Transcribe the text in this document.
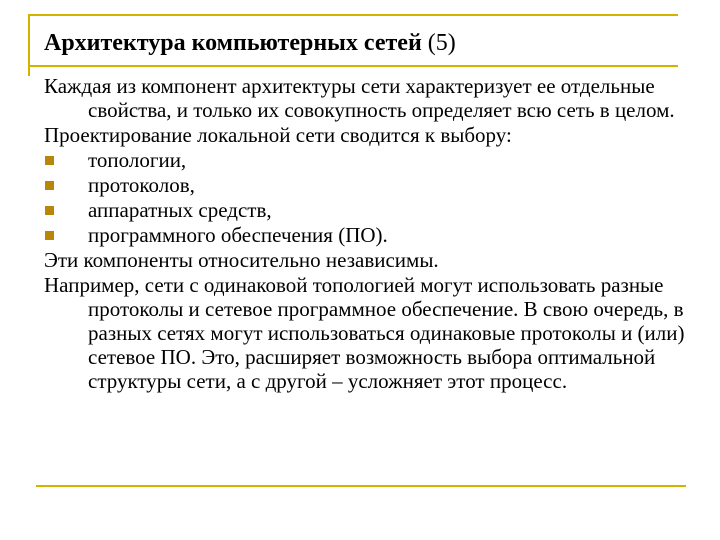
Архитектура компьютерных сетей (5)

Каждая из компонент архитектуры сети характеризует ее отдельные свойства, и только их совокупность определяет всю сеть в целом.

Проектирование локальной сети сводится к выбору:

топологии,
протоколов,
аппаратных средств,
программного обеспечения (ПО).

Эти компоненты относительно независимы.

Например, сети с одинаковой топологией могут использовать разные протоколы и сетевое программное обеспечение. В свою очередь, в разных сетях могут использоваться одинаковые протоколы и (или) сетевое ПО. Это, расширяет возможность выбора оптимальной структуры сети, а с другой – усложняет этот процесс.
